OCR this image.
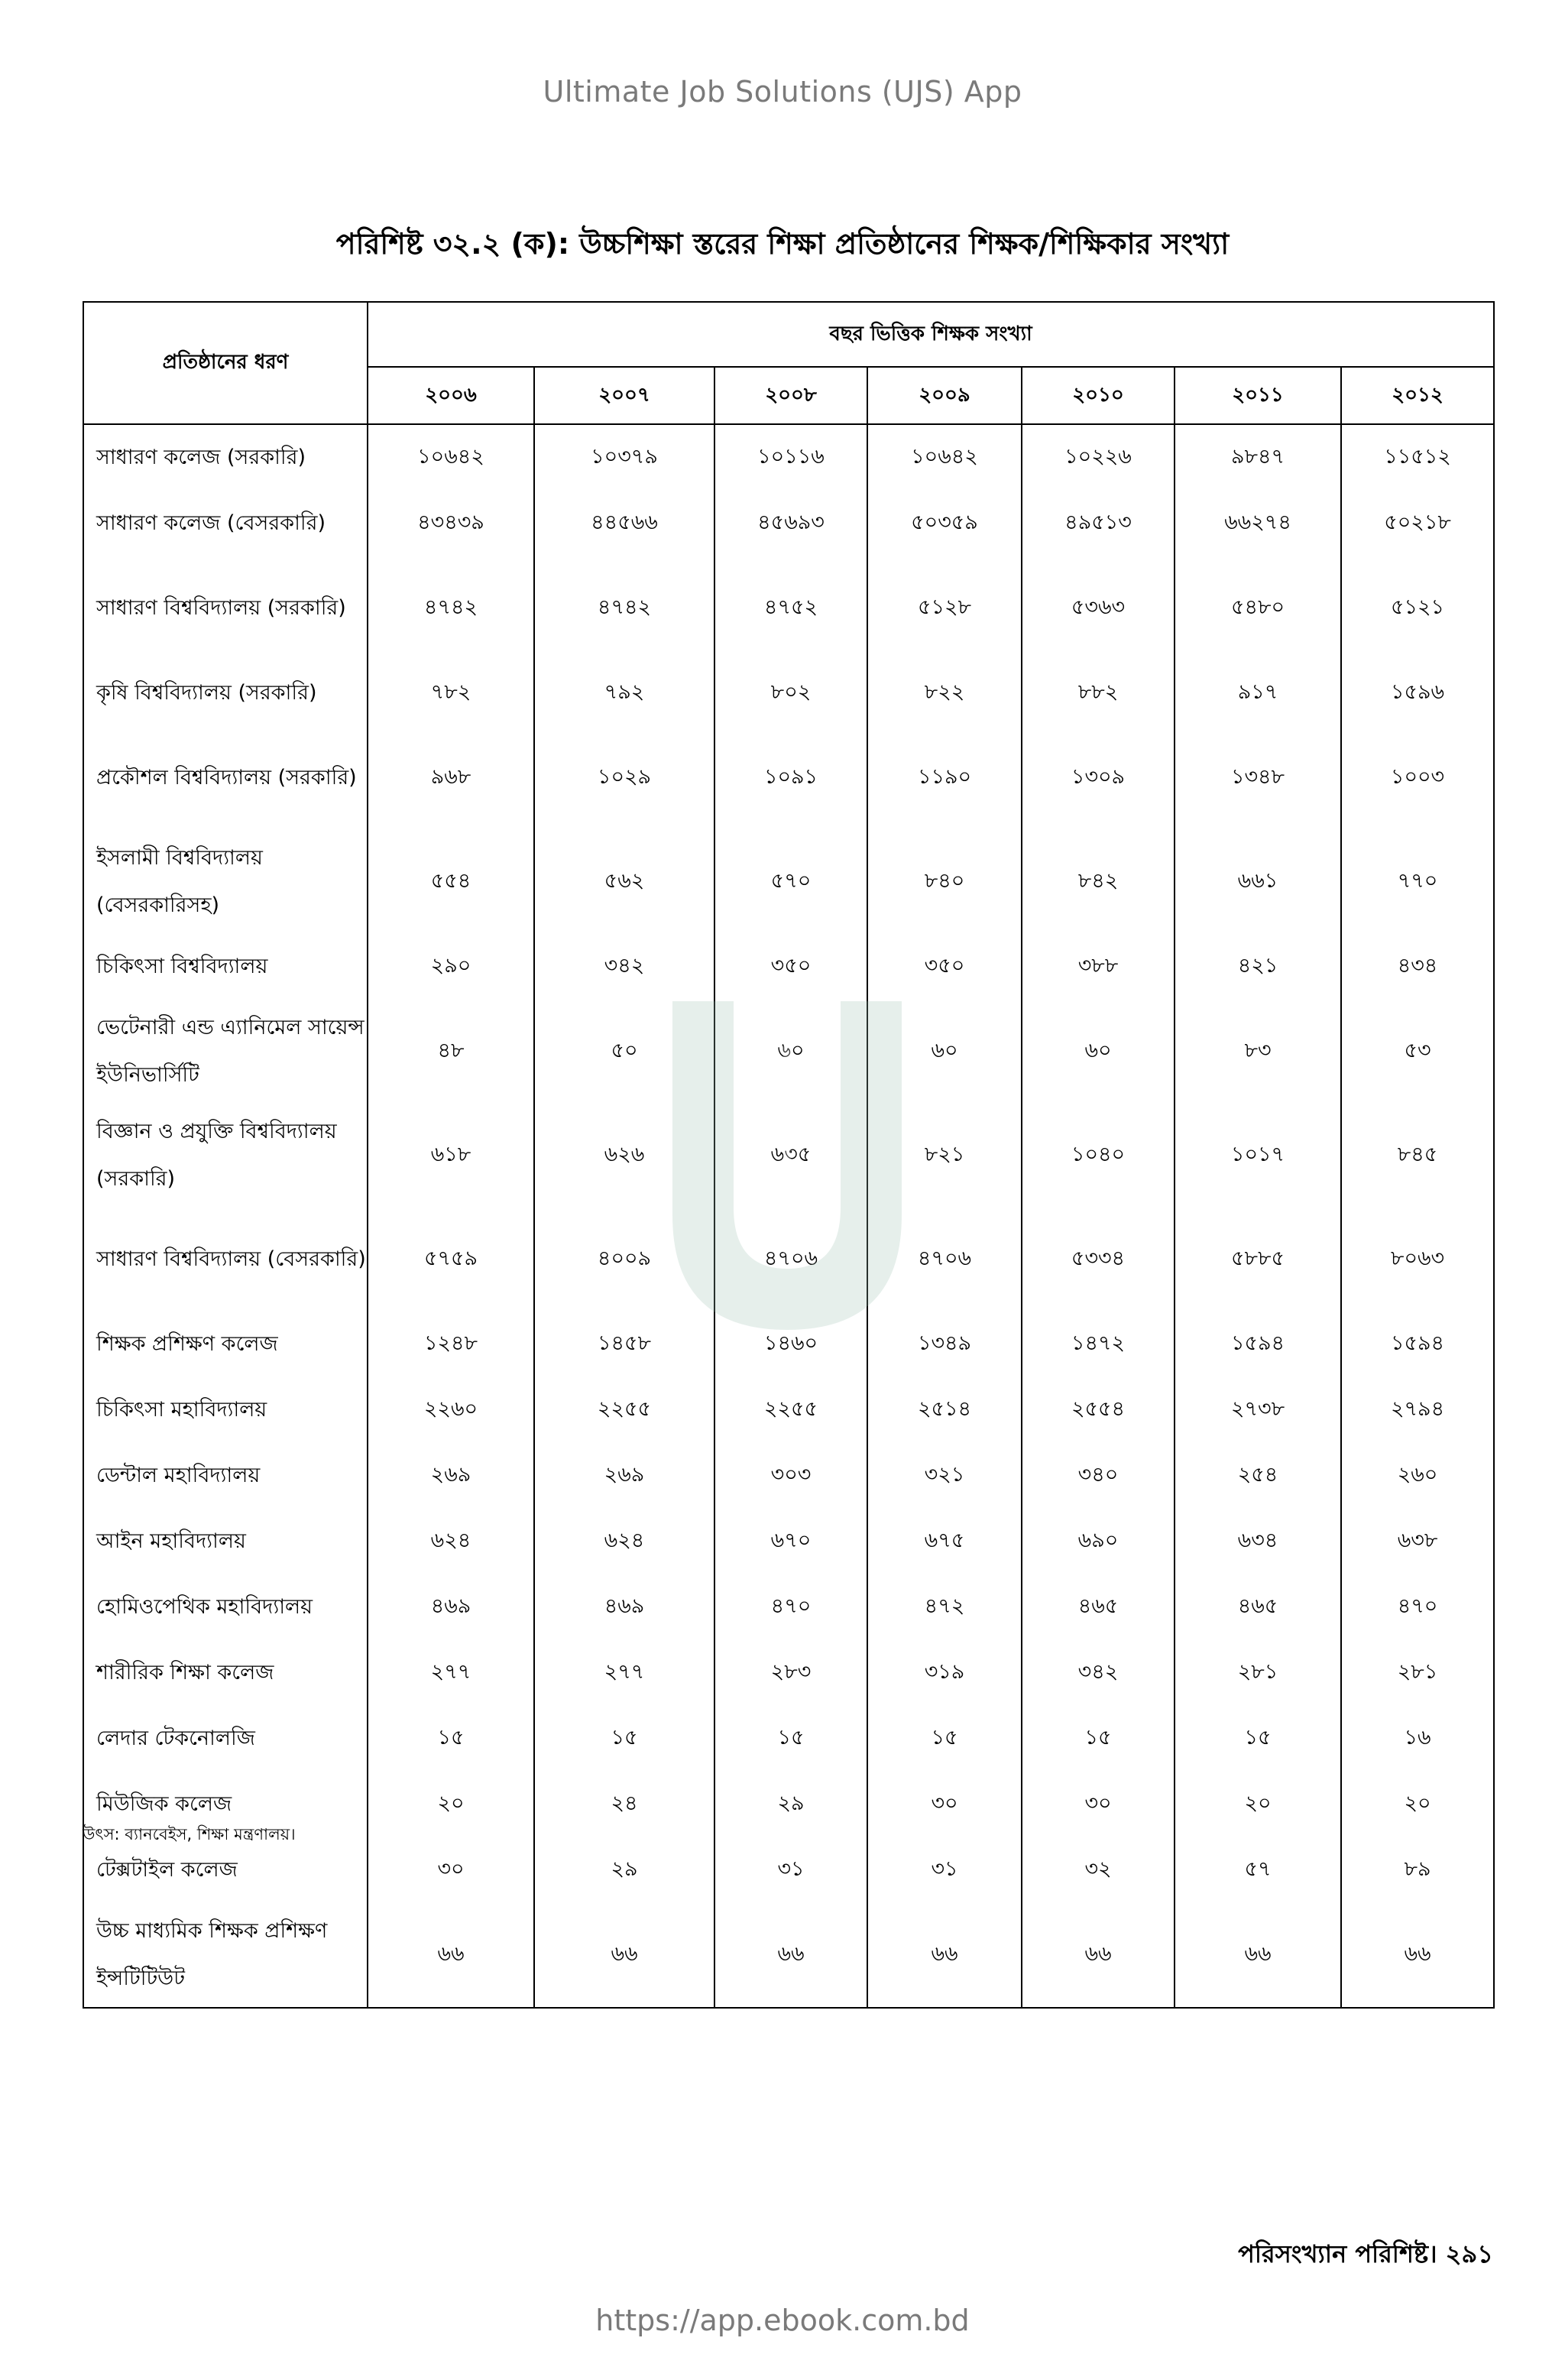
Ultimate Job Solutions (UJS) App
পরিশিষ্ট ৩২.২ (ক): উচ্চশিক্ষা স্তরের শিক্ষা প্রতিষ্ঠানের শিক্ষক/শিক্ষিকার সংখ্যা
প্রতিষ্ঠানের ধরণ	বছর ভিত্তিক শিক্ষক সংখ্যা						
	২০০৬	২০০৭	২০০৮	২০০৯	২০১০	২০১১	২০১২
সাধারণ কলেজ (সরকারি)	১০৬৪২	১০৩৭৯	১০১১৬	১০৬৪২	১০২২৬	৯৮৪৭	১১৫১২
সাধারণ কলেজ (বেসরকারি)	৪৩৪৩৯	৪৪৫৬৬	৪৫৬৯৩	৫০৩৫৯	৪৯৫১৩	৬৬২৭৪	৫০২১৮
সাধারণ বিশ্ববিদ্যালয় (সরকারি)	৪৭৪২	৪৭৪২	৪৭৫২	৫১২৮	৫৩৬৩	৫৪৮০	৫১২১
কৃষি বিশ্ববিদ্যালয় (সরকারি)	৭৮২	৭৯২	৮০২	৮২২	৮৮২	৯১৭	১৫৯৬
প্রকৌশল বিশ্ববিদ্যালয় (সরকারি)	৯৬৮	১০২৯	১০৯১	১১৯০	১৩০৯	১৩৪৮	১০০৩
ইসলামী বিশ্ববিদ্যালয় (বেসরকারিসহ)	৫৫৪	৫৬২	৫৭০	৮৪০	৮৪২	৬৬১	৭৭০
চিকিৎসা বিশ্ববিদ্যালয়	২৯০	৩৪২	৩৫০	৩৫০	৩৮৮	৪২১	৪৩৪
ভেটেনারী এন্ড এ্যানিমেল সায়েন্স ইউনিভার্সিটি	৪৮	৫০	৬০	৬০	৬০	৮৩	৫৩
বিজ্ঞান ও প্রযুক্তি বিশ্ববিদ্যালয় (সরকারি)	৬১৮	৬২৬	৬৩৫	৮২১	১০৪০	১০১৭	৮৪৫
সাধারণ বিশ্ববিদ্যালয় (বেসরকারি)	৫৭৫৯	৪০০৯	৪৭০৬	৪৭০৬	৫৩৩৪	৫৮৮৫	৮০৬৩
শিক্ষক প্রশিক্ষণ কলেজ	১২৪৮	১৪৫৮	১৪৬০	১৩৪৯	১৪৭২	১৫৯৪	১৫৯৪
চিকিৎসা মহাবিদ্যালয়	২২৬০	২২৫৫	২২৫৫	২৫১৪	২৫৫৪	২৭৩৮	২৭৯৪
ডেন্টাল মহাবিদ্যালয়	২৬৯	২৬৯	৩০৩	৩২১	৩৪০	২৫৪	২৬০
আইন মহাবিদ্যালয়	৬২৪	৬২৪	৬৭০	৬৭৫	৬৯০	৬৩৪	৬৩৮
হোমিওপেথিক মহাবিদ্যালয়	৪৬৯	৪৬৯	৪৭০	৪৭২	৪৬৫	৪৬৫	৪৭০
শারীরিক শিক্ষা কলেজ	২৭৭	২৭৭	২৮৩	৩১৯	৩৪২	২৮১	২৮১
লেদার টেকনোলজি	১৫	১৫	১৫	১৫	১৫	১৫	১৬
মিউজিক কলেজ	২০	২৪	২৯	৩০	৩০	২০	২০
টেক্সটাইল কলেজ	৩০	২৯	৩১	৩১	৩২	৫৭	৮৯
উচ্চ মাধ্যমিক শিক্ষক প্রশিক্ষণ ইন্সটিটিউট	৬৬	৬৬	৬৬	৬৬	৬৬	৬৬	৬৬
উৎস: ব্যানবেইস, শিক্ষা মন্ত্রণালয়।
পরিসংখ্যান পরিশিষ্ট। ২৯১
https://app.ebook.com.bd
